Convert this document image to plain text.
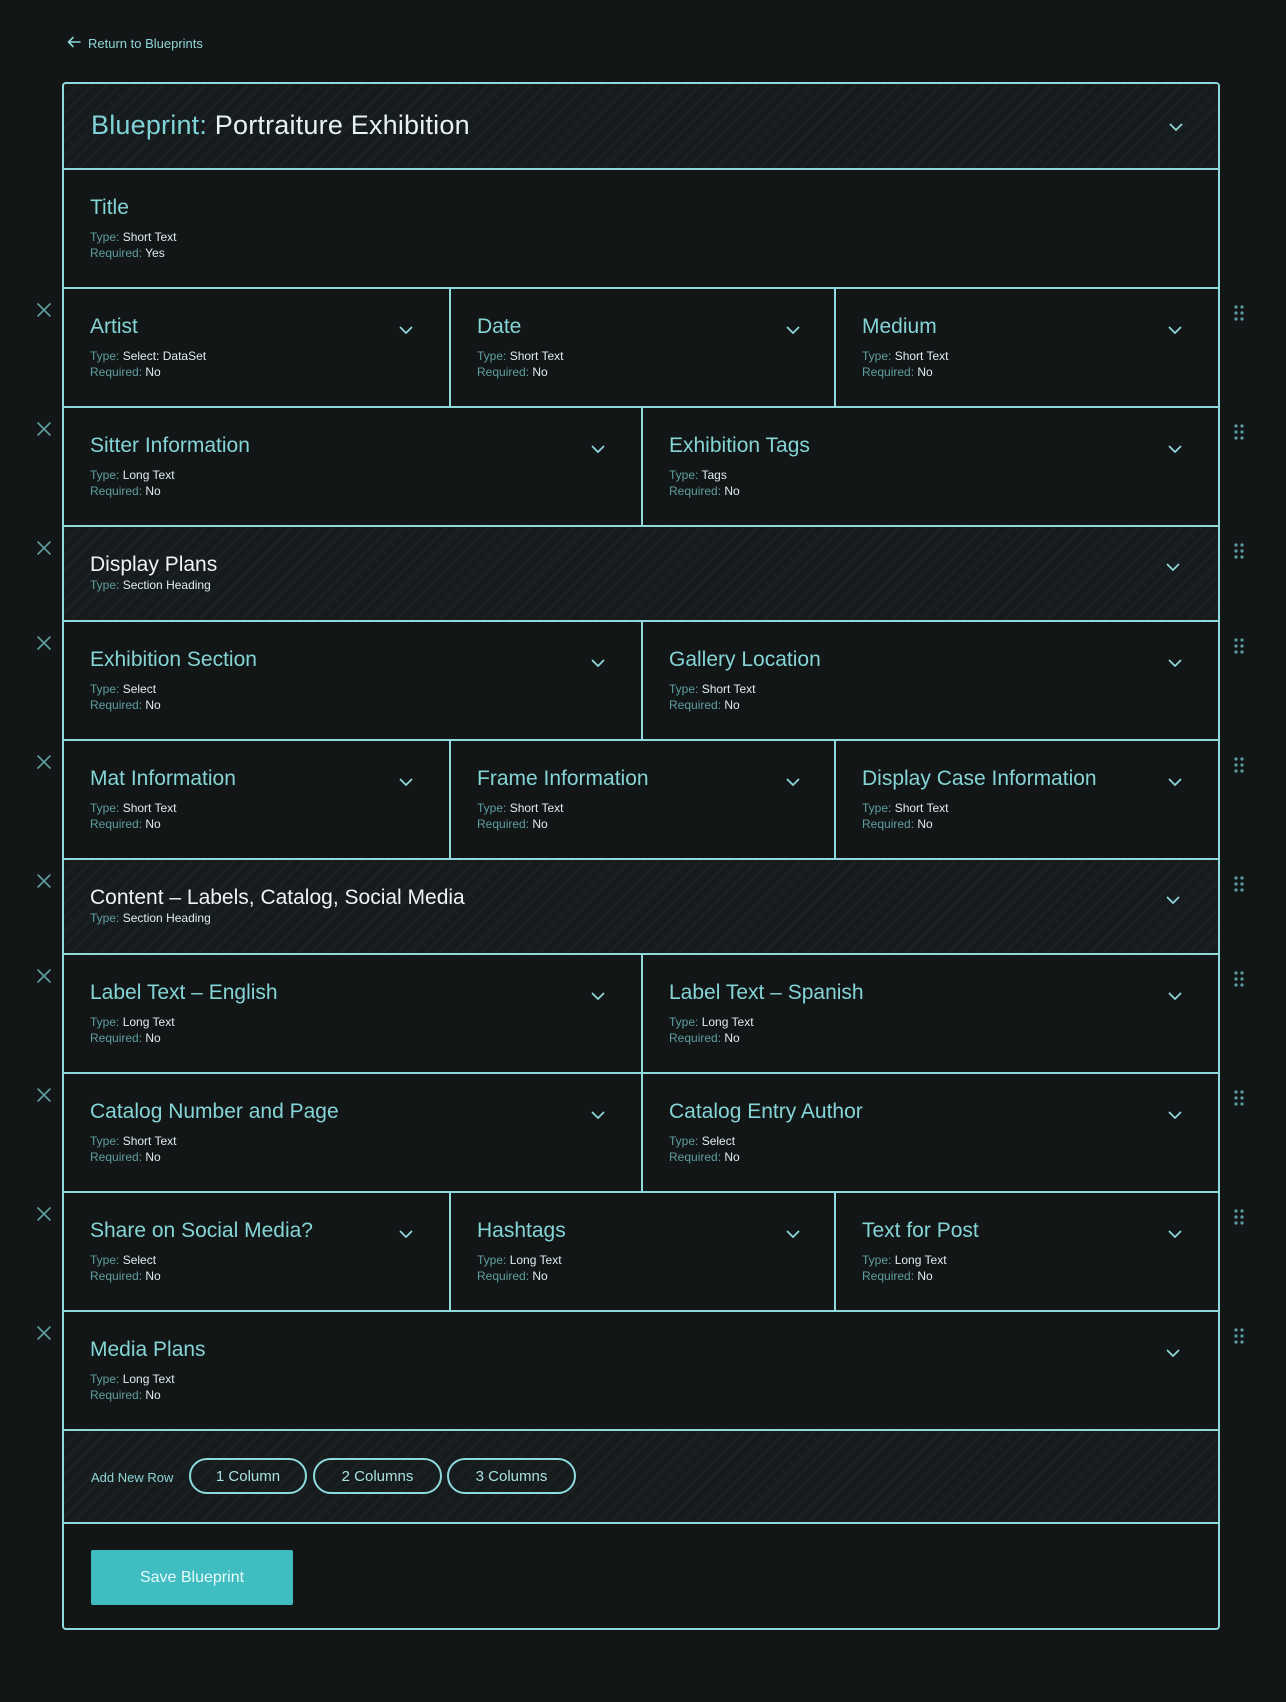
Return to Blueprints
Blueprint: Portraiture Exhibition
Title
Type: Short Text
Required: Yes
Artist
Type: Select: DataSet
Required: No
Date
Type: Short Text
Required: No
Medium
Type: Short Text
Required: No
Sitter Information
Type: Long Text
Required: No
Exhibition Tags
Type: Tags
Required: No
Display Plans
Type: Section Heading
Exhibition Section
Type: Select
Required: No
Gallery Location
Type: Short Text
Required: No
Mat Information
Type: Short Text
Required: No
Frame Information
Type: Short Text
Required: No
Display Case Information
Type: Short Text
Required: No
Content – Labels, Catalog, Social Media
Type: Section Heading
Label Text – English
Type: Long Text
Required: No
Label Text – Spanish
Type: Long Text
Required: No
Catalog Number and Page
Type: Short Text
Required: No
Catalog Entry Author
Type: Select
Required: No
Share on Social Media?
Type: Select
Required: No
Hashtags
Type: Long Text
Required: No
Text for Post
Type: Long Text
Required: No
Media Plans
Type: Long Text
Required: No
Add New Row	1 Column	2 Columns	3 Columns
Save Blueprint
